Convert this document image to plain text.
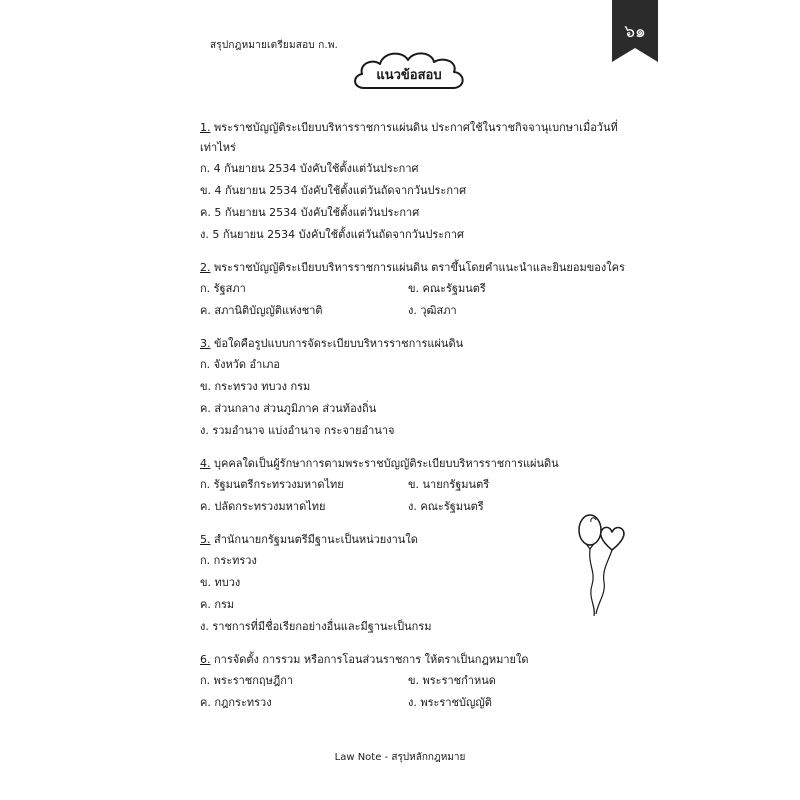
สรุปกฎหมายเตรียมสอบ ก.พ.
๖๑
แนวข้อสอบ
1. พระราชบัญญัติระเบียบบริหารราชการแผ่นดิน ประกาศใช้ในราชกิจจานุเบกษาเมื่อวันที่เท่าไหร่
ก. 4 กันยายน 2534 บังคับใช้ตั้งแต่วันประกาศ
ข. 4 กันยายน 2534 บังคับใช้ตั้งแต่วันถัดจากวันประกาศ
ค. 5 กันยายน 2534 บังคับใช้ตั้งแต่วันประกาศ
ง. 5 กันยายน 2534 บังคับใช้ตั้งแต่วันถัดจากวันประกาศ
2. พระราชบัญญัติระเบียบบริหารราชการแผ่นดิน ตราขึ้นโดยคำแนะนำและยินยอมของใคร
ก. รัฐสภา	ข. คณะรัฐมนตรี
ค. สภานิติบัญญัติแห่งชาติ	ง. วุฒิสภา
3. ข้อใดคือรูปแบบการจัดระเบียบบริหารราชการแผ่นดิน
ก. จังหวัด อำเภอ
ข. กระทรวง ทบวง กรม
ค. ส่วนกลาง ส่วนภูมิภาค ส่วนท้องถิ่น
ง. รวมอำนาจ แบ่งอำนาจ กระจายอำนาจ
4. บุคคลใดเป็นผู้รักษาการตามพระราชบัญญัติระเบียบบริหารราชการแผ่นดิน
ก. รัฐมนตรีกระทรวงมหาดไทย	ข. นายกรัฐมนตรี
ค. ปลัดกระทรวงมหาดไทย	ง. คณะรัฐมนตรี
5. สำนักนายกรัฐมนตรีมีฐานะเป็นหน่วยงานใด
ก. กระทรวง
ข. ทบวง
ค. กรม
ง. ราชการที่มีชื่อเรียกอย่างอื่นและมีฐานะเป็นกรม
6. การจัดตั้ง การรวม หรือการโอนส่วนราชการ ให้ตราเป็นกฎหมายใด
ก. พระราชกฤษฎีกา	ข. พระราชกำหนด
ค. กฎกระทรวง	ง. พระราชบัญญัติ
Law Note - สรุปหลักกฎหมาย
